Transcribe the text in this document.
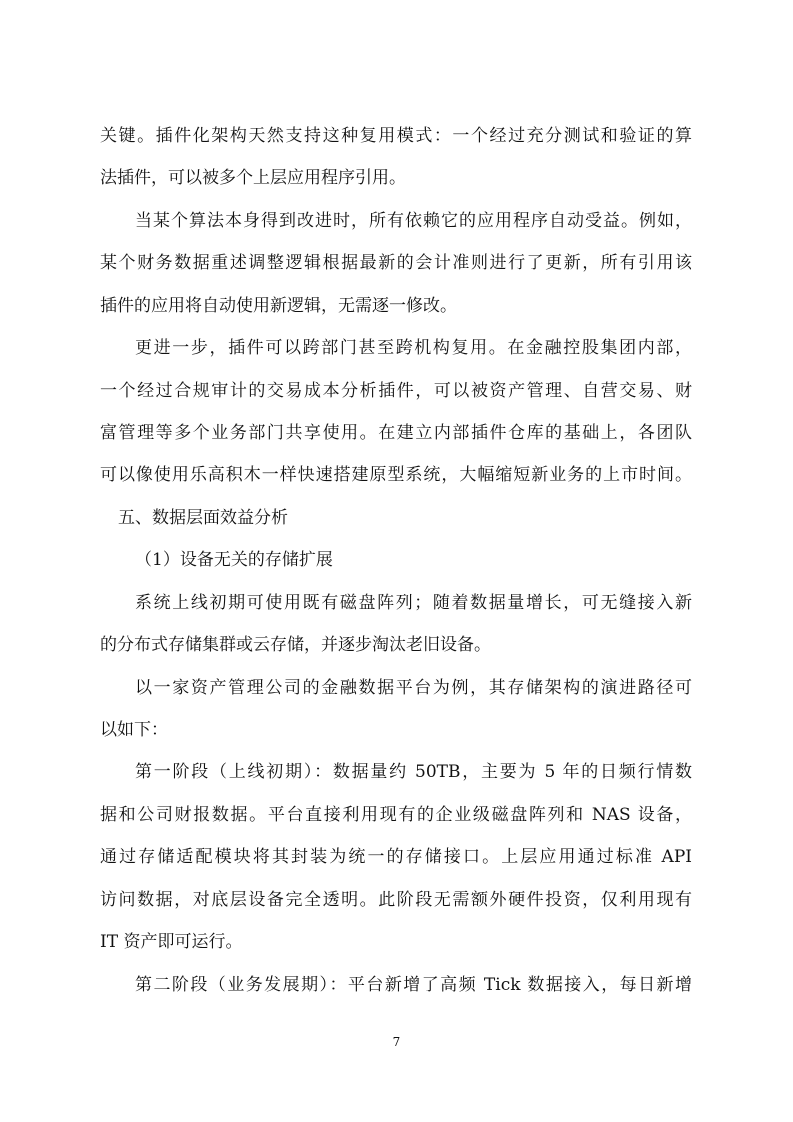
关键。插件化架构天然支持这种复用模式：一个经过充分测试和验证的算
法插件，可以被多个上层应用程序引用。
当某个算法本身得到改进时，所有依赖它的应用程序自动受益。例如，
某个财务数据重述调整逻辑根据最新的会计准则进行了更新，所有引用该
插件的应用将自动使用新逻辑，无需逐一修改。
更进一步，插件可以跨部门甚至跨机构复用。在金融控股集团内部，
一个经过合规审计的交易成本分析插件，可以被资产管理、自营交易、财
富管理等多个业务部门共享使用。在建立内部插件仓库的基础上，各团队
可以像使用乐高积木一样快速搭建原型系统，大幅缩短新业务的上市时间。
五、数据层面效益分析
（1）设备无关的存储扩展
系统上线初期可使用既有磁盘阵列；随着数据量增长，可无缝接入新
的分布式存储集群或云存储，并逐步淘汰老旧设备。
以一家资产管理公司的金融数据平台为例，其存储架构的演进路径可
以如下：
第一阶段（上线初期）：数据量约 50TB，主要为 5 年的日频行情数
据和公司财报数据。平台直接利用现有的企业级磁盘阵列和 NAS 设备，
通过存储适配模块将其封装为统一的存储接口。上层应用通过标准 API
访问数据，对底层设备完全透明。此阶段无需额外硬件投资，仅利用现有
IT 资产即可运行。
第二阶段（业务发展期）：平台新增了高频 Tick 数据接入，每日新增
7
